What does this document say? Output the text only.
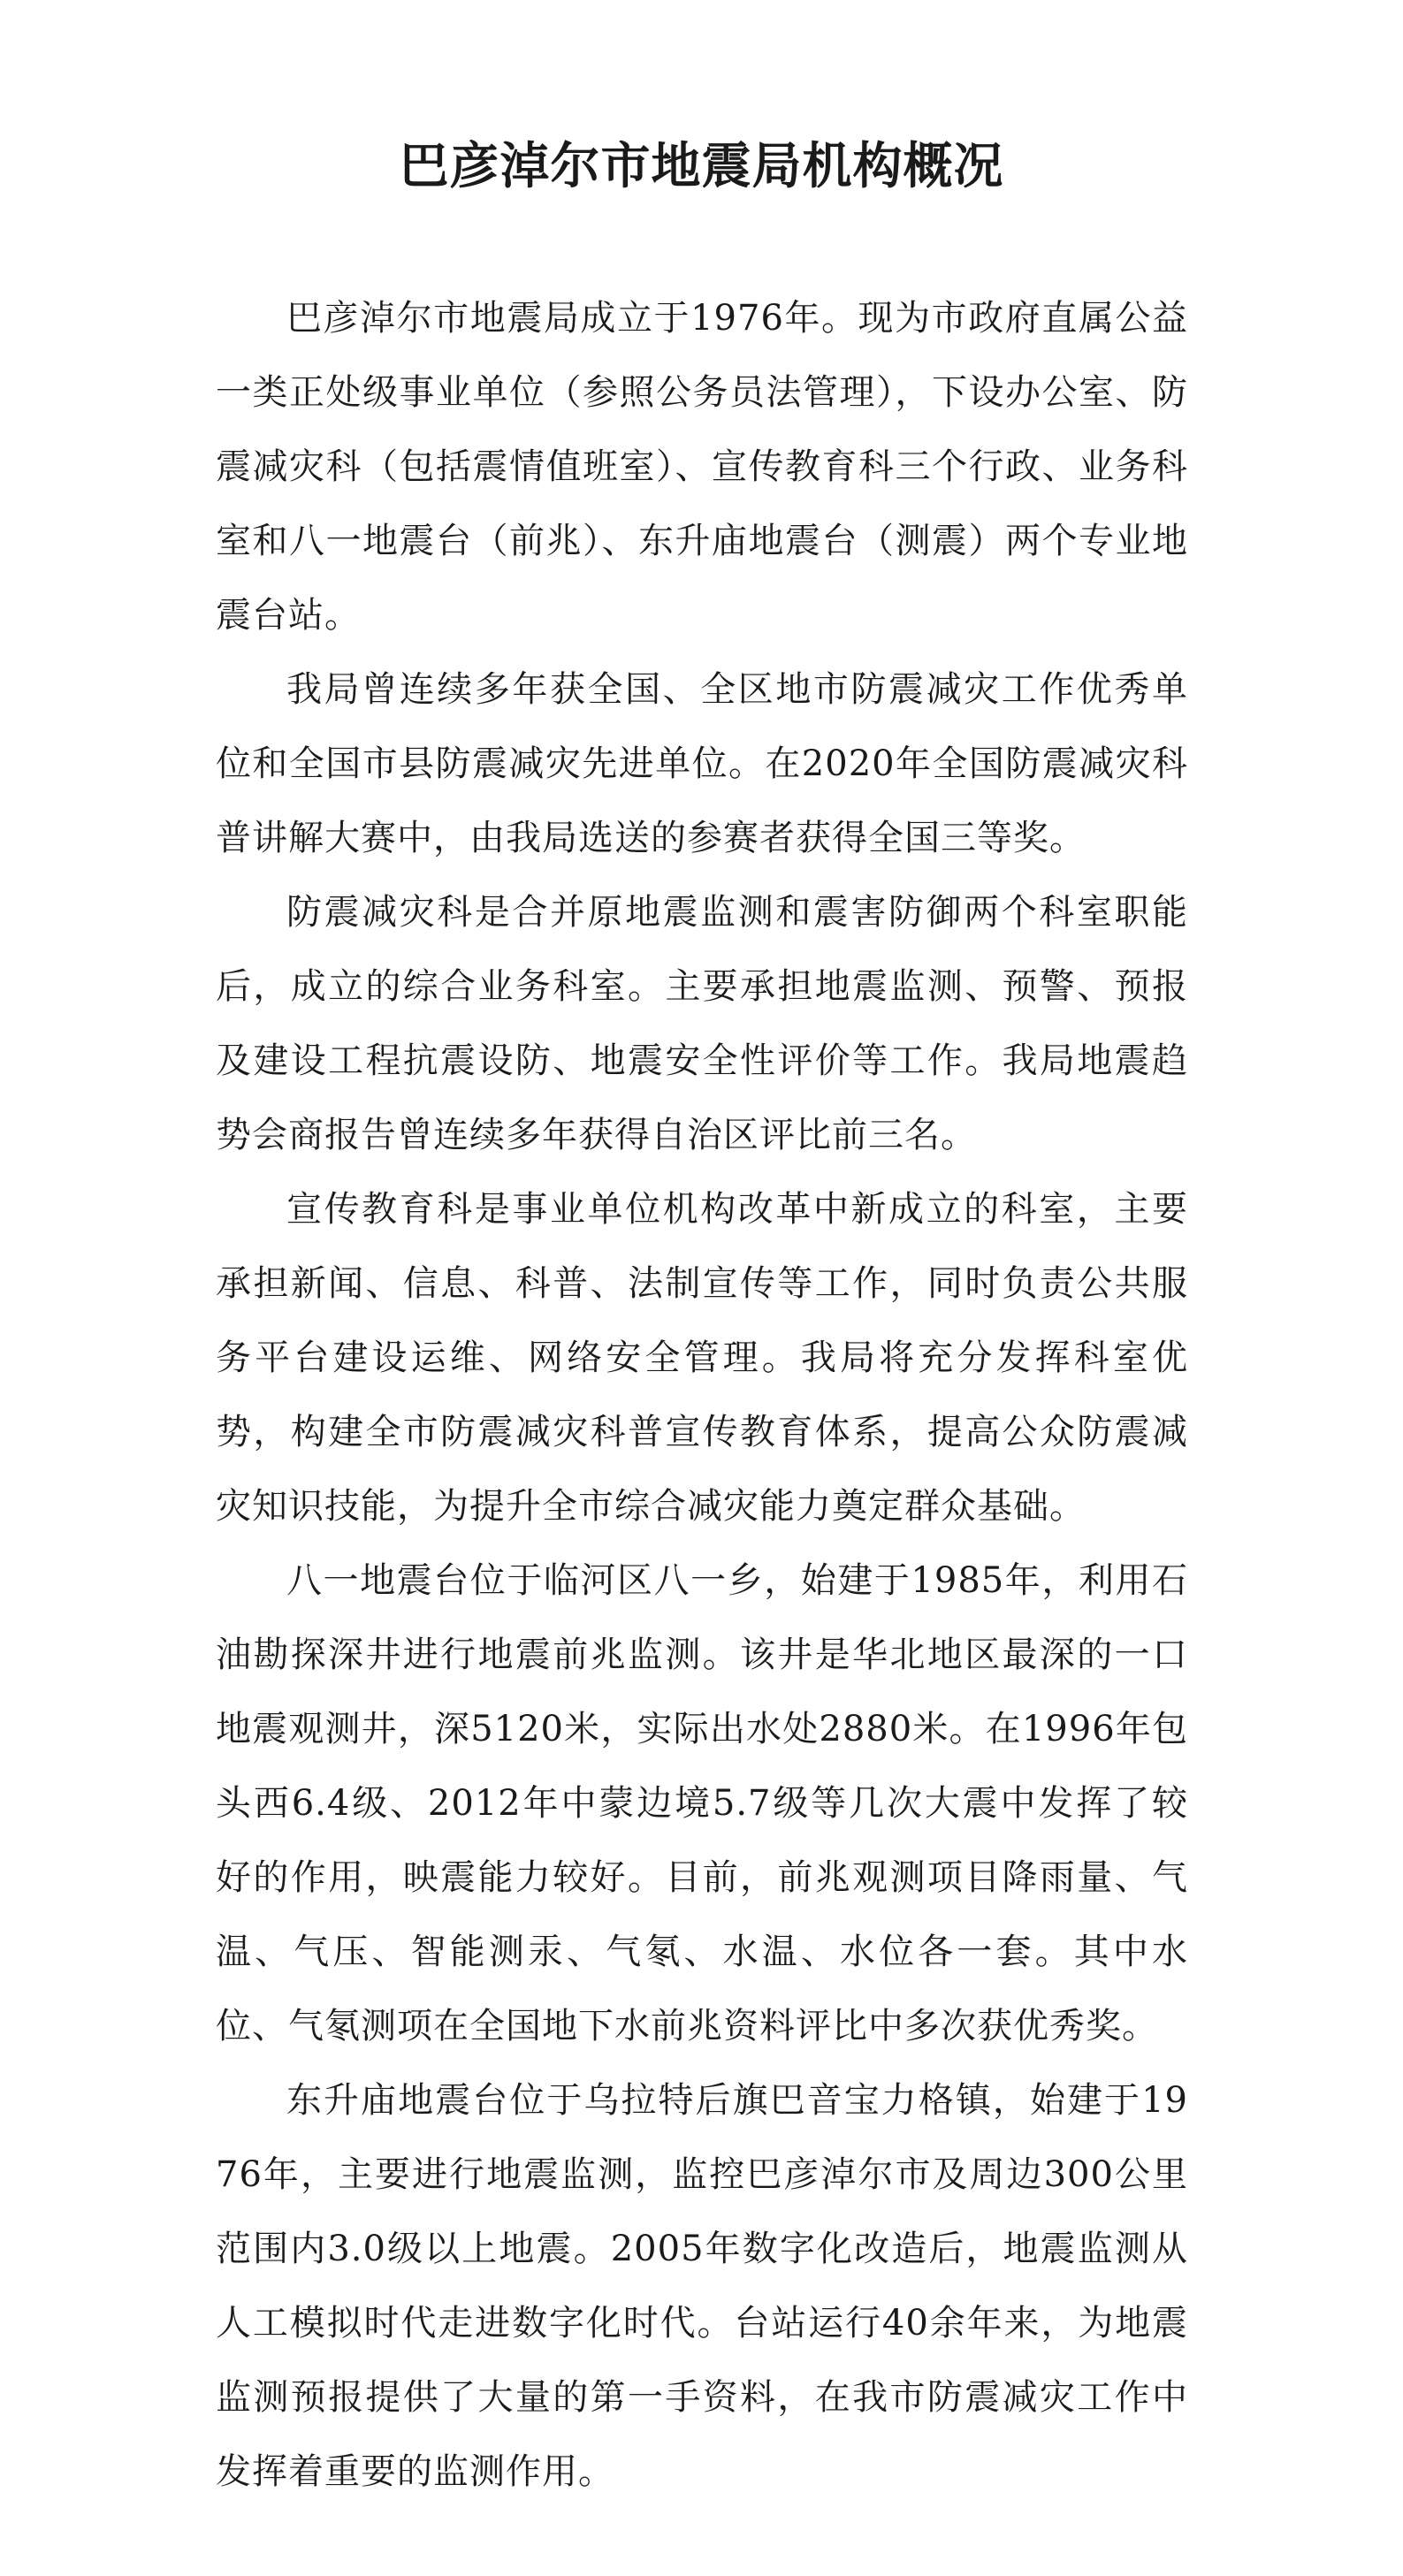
巴彦淖尔市地震局机构概况

巴彦淖尔市地震局成立于1976年。现为市政府直属公益一类正处级事业单位（参照公务员法管理），下设办公室、防震减灾科（包括震情值班室）、宣传教育科三个行政、业务科室和八一地震台（前兆）、东升庙地震台（测震）两个专业地震台站。

我局曾连续多年获全国、全区地市防震减灾工作优秀单位和全国市县防震减灾先进单位。在2020年全国防震减灾科普讲解大赛中，由我局选送的参赛者获得全国三等奖。

防震减灾科是合并原地震监测和震害防御两个科室职能后，成立的综合业务科室。主要承担地震监测、预警、预报及建设工程抗震设防、地震安全性评价等工作。我局地震趋势会商报告曾连续多年获得自治区评比前三名。

宣传教育科是事业单位机构改革中新成立的科室，主要承担新闻、信息、科普、法制宣传等工作，同时负责公共服务平台建设运维、网络安全管理。我局将充分发挥科室优势，构建全市防震减灾科普宣传教育体系，提高公众防震减灾知识技能，为提升全市综合减灾能力奠定群众基础。

八一地震台位于临河区八一乡，始建于1985年，利用石油勘探深井进行地震前兆监测。该井是华北地区最深的一口地震观测井，深5120米，实际出水处2880米。在1996年包头西6.4级、2012年中蒙边境5.7级等几次大震中发挥了较好的作用，映震能力较好。目前，前兆观测项目降雨量、气温、气压、智能测汞、气氡、水温、水位各一套。其中水位、气氡测项在全国地下水前兆资料评比中多次获优秀奖。

东升庙地震台位于乌拉特后旗巴音宝力格镇，始建于1976年，主要进行地震监测，监控巴彦淖尔市及周边300公里范围内3.0级以上地震。2005年数字化改造后，地震监测从人工模拟时代走进数字化时代。台站运行40余年来，为地震监测预报提供了大量的第一手资料，在我市防震减灾工作中发挥着重要的监测作用。
